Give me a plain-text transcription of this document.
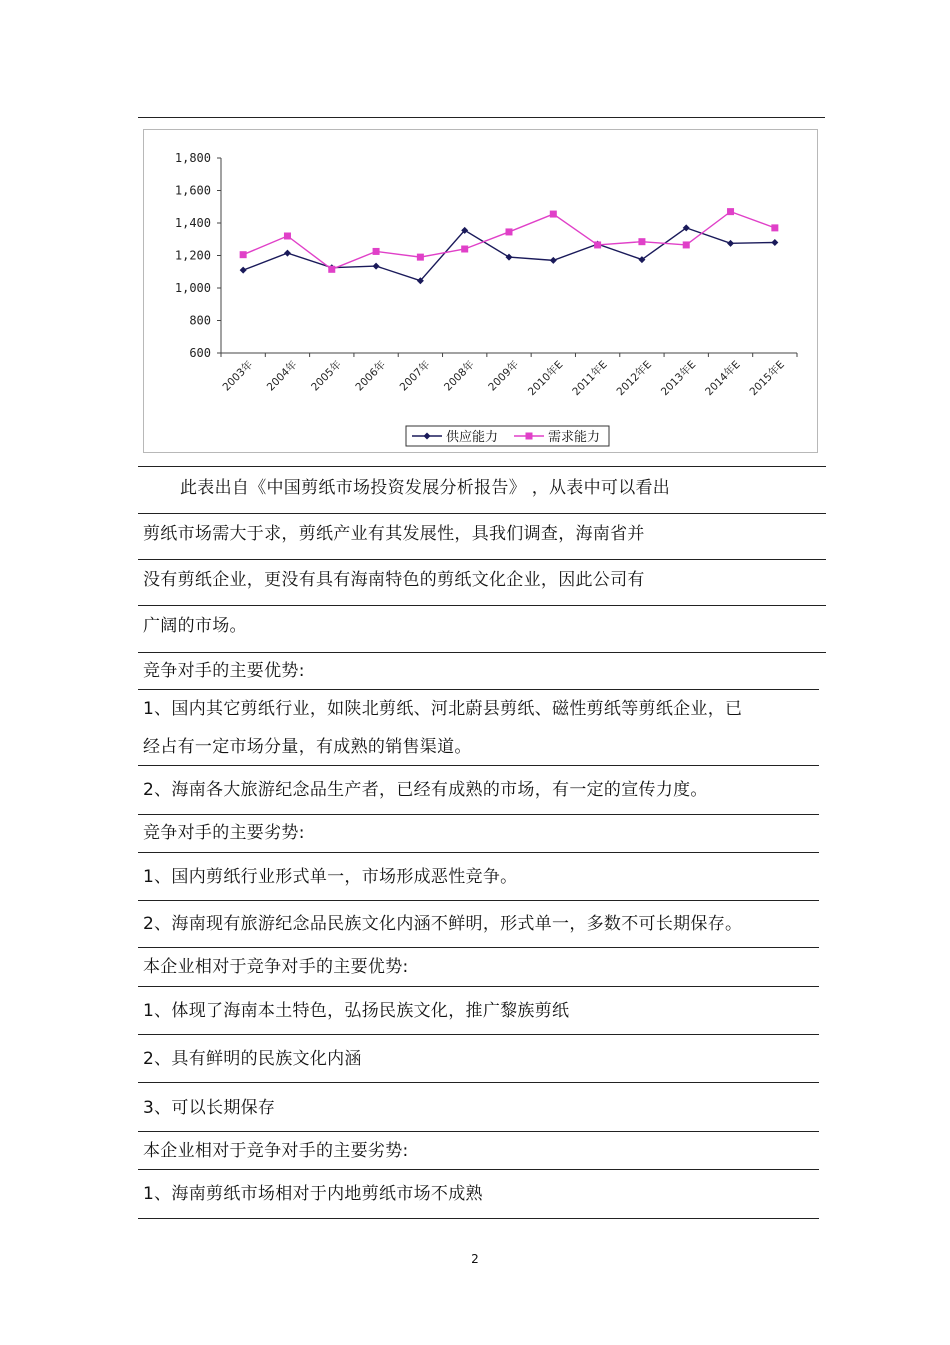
1,800
1,600
1,400
1,200
1,000
800
600
2003年 2004年 2005年 2006年 2007年 2008年 2009年 2010年E 2011年E 2012年E 2013年E 2014年E 2015年E
供应能力	需求能力
此表出自《中国剪纸市场投资发展分析报告》 ，从表中可以看出
剪纸市场需大于求，剪纸产业有其发展性，具我们调查，海南省并
没有剪纸企业，更没有具有海南特色的剪纸文化企业，因此公司有
广阔的市场。
竞争对手的主要优势:
1、国内其它剪纸行业，如陕北剪纸、河北蔚县剪纸、磁性剪纸等剪纸企业，已
经占有一定市场分量，有成熟的销售渠道。
2、海南各大旅游纪念品生产者，已经有成熟的市场，有一定的宣传力度。
竞争对手的主要劣势:
1、国内剪纸行业形式单一，市场形成恶性竞争。
2、海南现有旅游纪念品民族文化内涵不鲜明，形式单一，多数不可长期保存。
本企业相对于竞争对手的主要优势:
1、体现了海南本土特色，弘扬民族文化，推广黎族剪纸
2、具有鲜明的民族文化内涵
3、可以长期保存
本企业相对于竞争对手的主要劣势:
1、海南剪纸市场相对于内地剪纸市场不成熟
2
